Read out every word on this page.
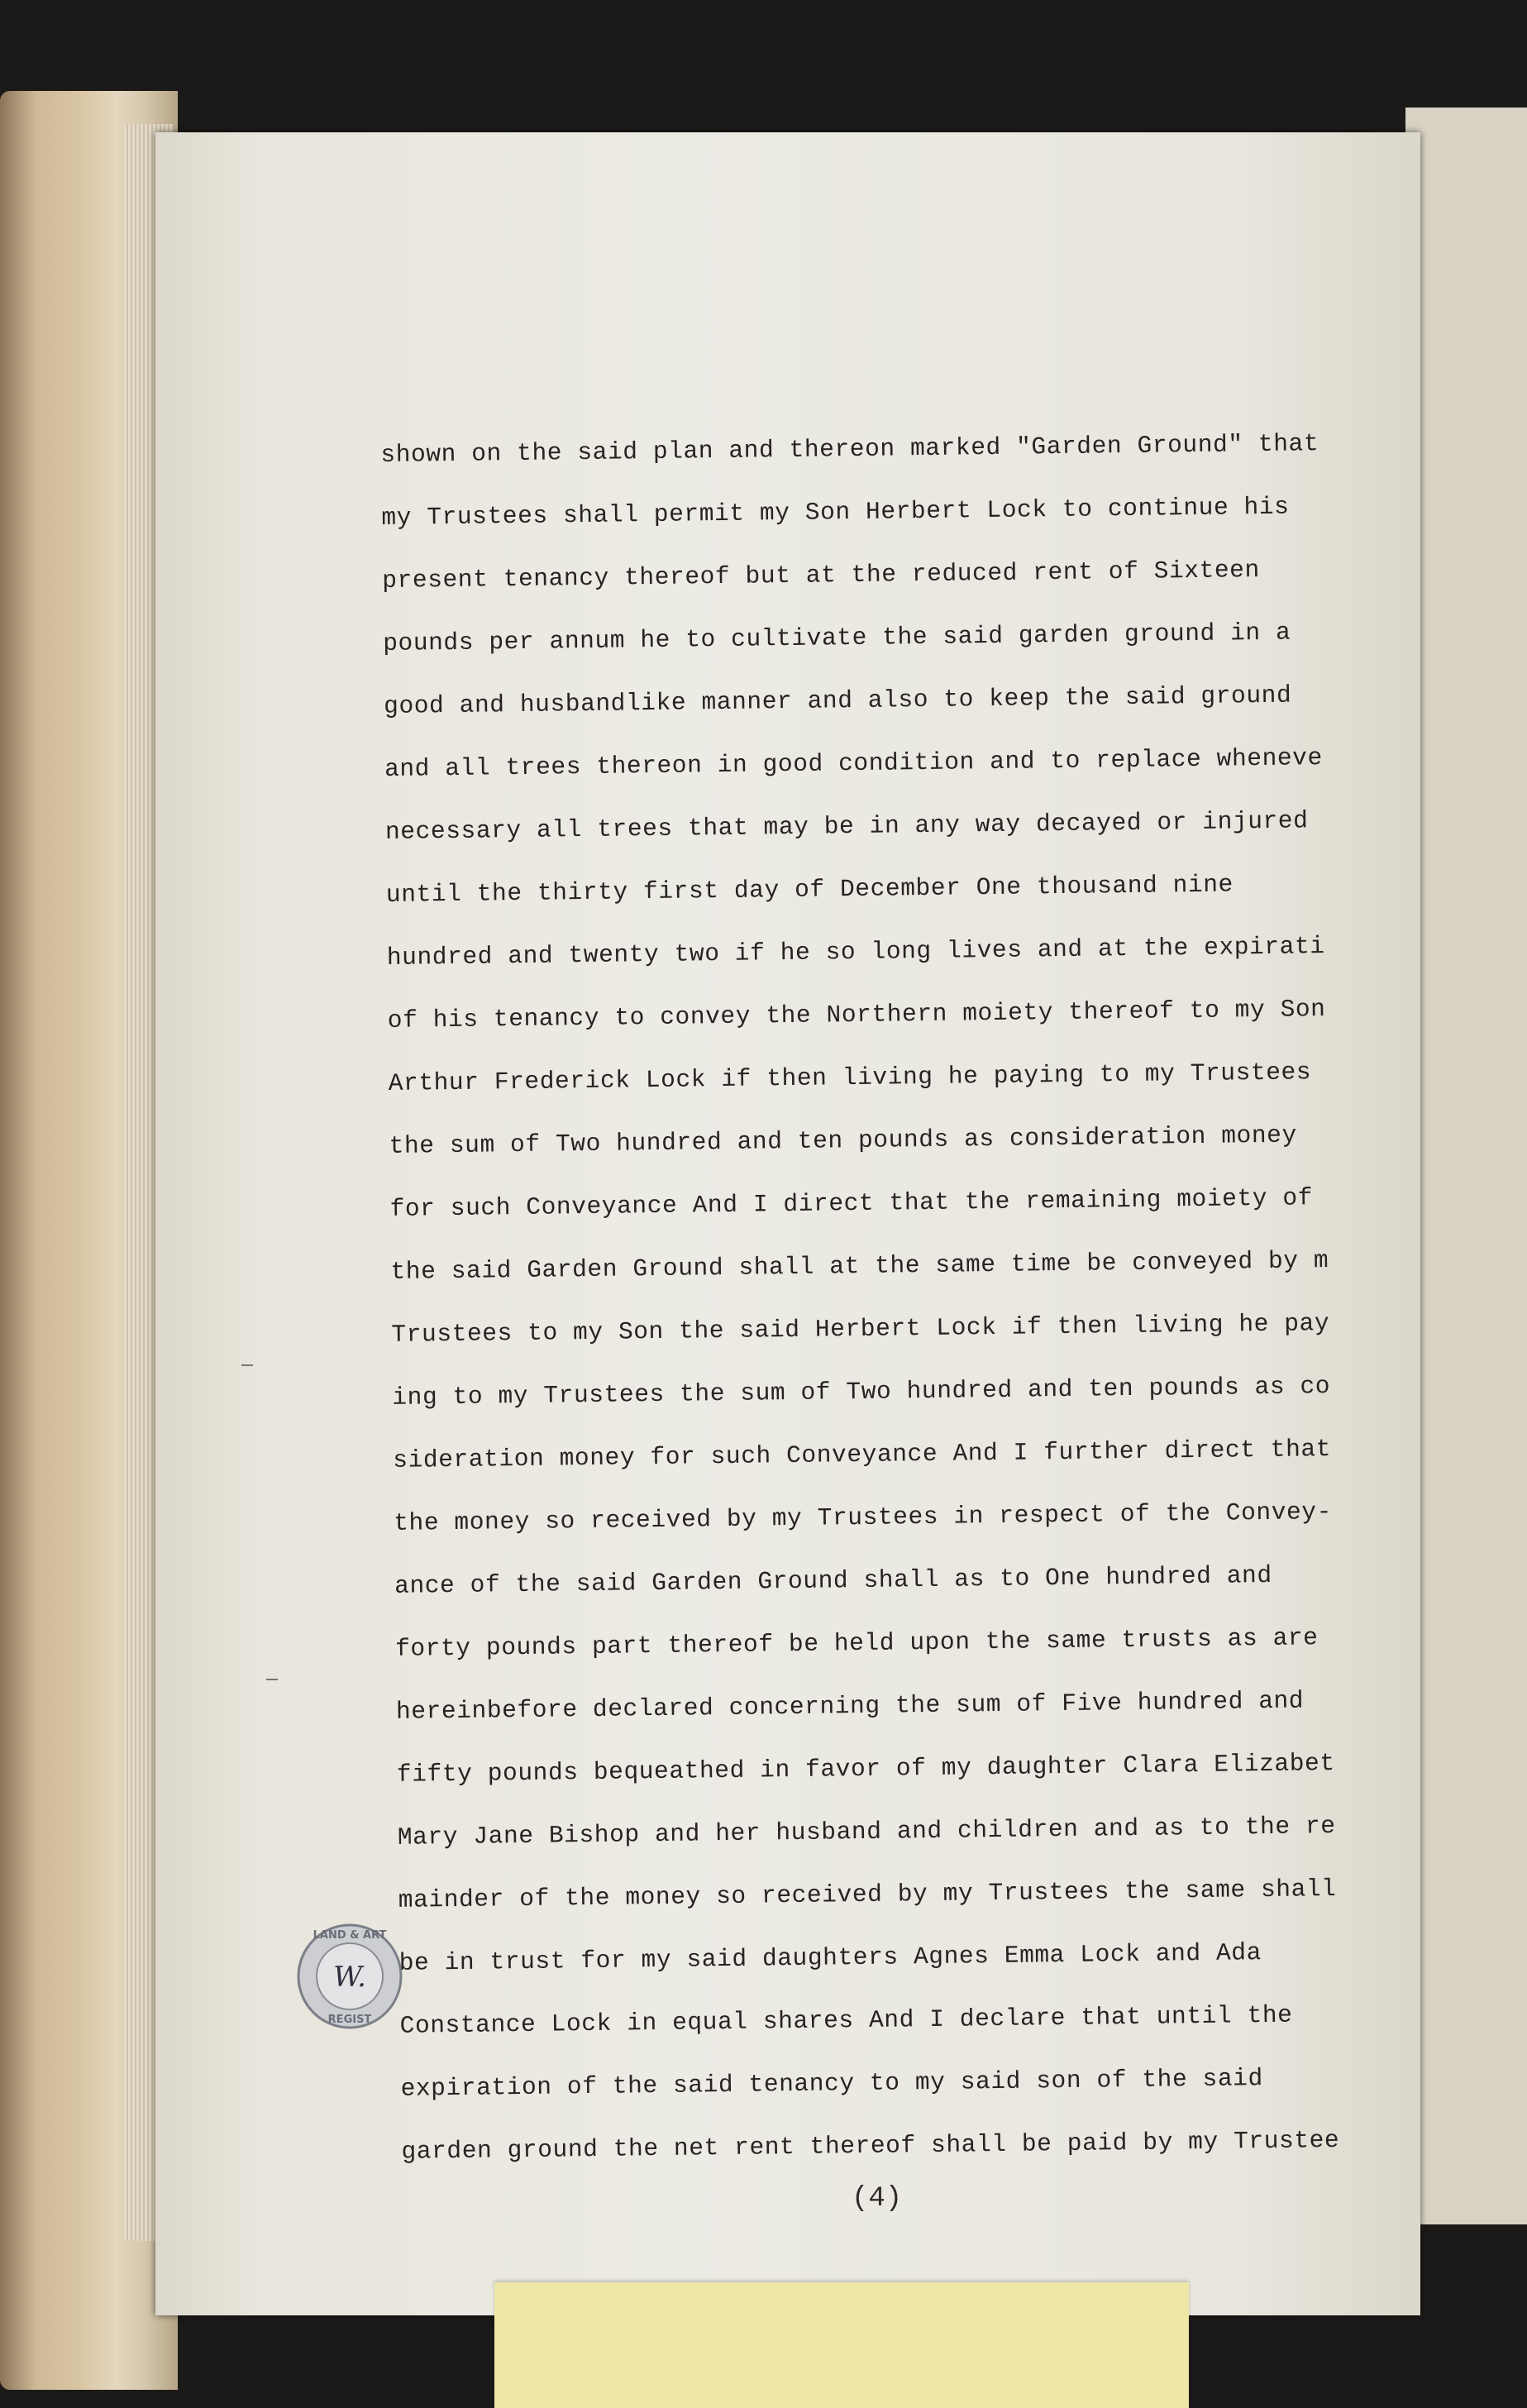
shown on the said plan and thereon marked "Garden Ground" that
my Trustees shall permit my Son Herbert Lock to continue his
present tenancy thereof but at the reduced rent of Sixteen
pounds per annum he to cultivate the said garden ground in a
good and husbandlike manner and also to keep the said ground
and all trees thereon in good condition and to replace wheneve
necessary all trees that may be in any way decayed or injured
until the thirty first day of December One thousand nine
hundred and twenty two if he so long lives and at the expirati
of his tenancy to convey the Northern moiety thereof to my Son
Arthur Frederick Lock if then living he paying to my Trustees
the sum of Two hundred and ten pounds as consideration money
for such Conveyance And I direct that the remaining moiety of
the said Garden Ground shall at the same time be conveyed by m
Trustees to my Son the said Herbert Lock if then living he pay
ing to my Trustees the sum of Two hundred and ten pounds as co
sideration money for such Conveyance And I further direct that
the money so received by my Trustees in respect of the Convey-
ance of the said Garden Ground shall as to One hundred and
forty pounds part thereof be held upon the same trusts as are
hereinbefore declared concerning the sum of Five hundred and
fifty pounds bequeathed in favor of my daughter Clara Elizabet
Mary Jane Bishop and her husband and children and as to the re
mainder of the money so received by my Trustees the same shall
be in trust for my said daughters Agnes Emma Lock and Ada
Constance Lock in equal shares And I declare that until the
expiration of the said tenancy to my said son of the said
garden ground the net rent thereof shall be paid by my Trustee
(4)
LAND & ART
REGIST
W.
